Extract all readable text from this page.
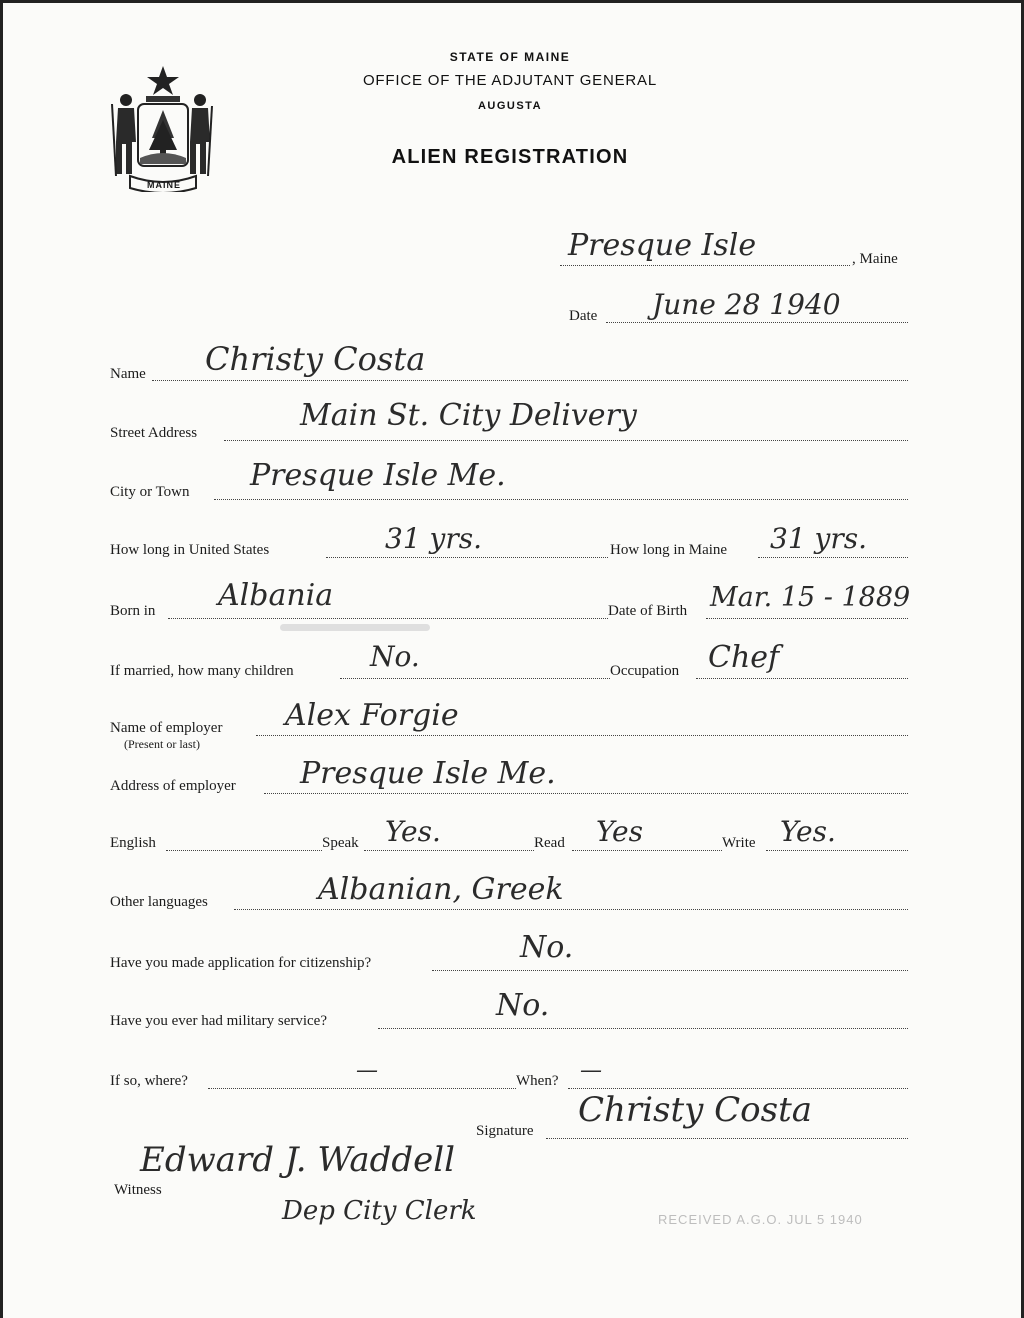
MAINE
STATE OF MAINE
OFFICE OF THE ADJUTANT GENERAL
AUGUSTA
ALIEN REGISTRATION
Presque Isle	, Maine
Date June 28 1940
Name Christy Costa
Street Address	Main St. City Delivery
City or Town Presque Isle Me.
How long in United States	31 yrs.	How long in Maine 31 yrs.
Born in Albania	Date of Birth Mar. 15 - 1889
If married, how many children	No.	Occupation Chef
Name of employer
(Present or last)
Alex Forgie
Address of employer Presque Isle Me.
English	Speak Yes.	Read Yes	Write Yes.
Other languages	Albanian, Greek
Have you made application for citizenship?	No.
Have you ever had military service?	No.
If so, where?	—	When? —
Signature
Christy Costa
Witness
Edward J. Waddell
Dep City Clerk	RECEIVED A.G.O. JUL 5 1940
